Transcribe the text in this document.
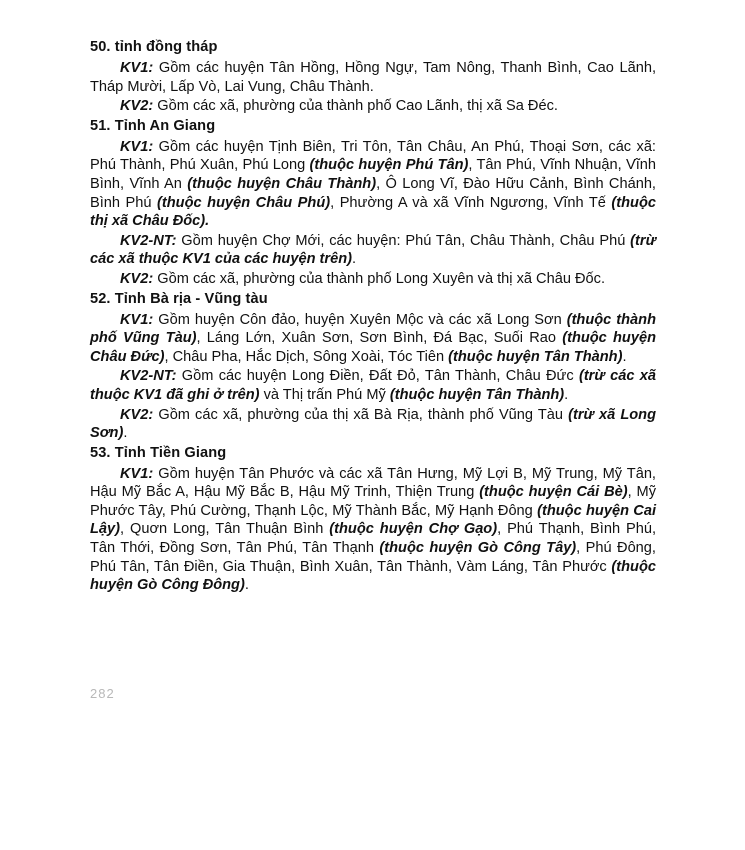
50. tỉnh đồng tháp
KV1: Gồm các huyện Tân Hồng, Hồng Ngự, Tam Nông, Thanh Bình, Cao Lãnh, Tháp Mười, Lấp Vò, Lai Vung, Châu Thành.
KV2: Gồm các xã, phường của thành phố Cao Lãnh, thị xã Sa Đéc.
51. Tỉnh An Giang
KV1: Gồm các huyện Tịnh Biên, Tri Tôn, Tân Châu, An Phú, Thoại Sơn, các xã: Phú Thành, Phú Xuân, Phú Long (thuộc huyện Phú Tân), Tân Phú, Vĩnh Nhuận, Vĩnh Bình, Vĩnh An (thuộc huyện Châu Thành), Ô Long Vĩ, Đào Hữu Cảnh, Bình Chánh, Bình Phú (thuộc huyện Châu Phú), Phường A và xã Vĩnh Ngương, Vĩnh Tế (thuộc thị xã Châu Đốc).
KV2-NT: Gồm huyện Chợ Mới, các huyện: Phú Tân, Châu Thành, Châu Phú (trừ các xã thuộc KV1 của các huyện trên).
KV2: Gồm các xã, phường của thành phố Long Xuyên và thị xã Châu Đốc.
52. Tỉnh Bà rịa - Vũng tàu
KV1: Gồm huyện Côn đảo, huyện Xuyên Mộc và các xã Long Sơn (thuộc thành phố Vũng Tàu), Láng Lớn, Xuân Sơn, Sơn Bình, Đá Bạc, Suối Rao (thuộc huyện Châu Đức), Châu Pha, Hắc Dịch, Sông Xoài, Tóc Tiên (thuộc huyện Tân Thành).
KV2-NT: Gồm các huyện Long Điền, Đất Đỏ, Tân Thành, Châu Đức (trừ các xã thuộc KV1 đã ghi ở trên) và Thị trấn Phú Mỹ (thuộc huyện Tân Thành).
KV2: Gồm các xã, phường của thị xã Bà Rịa, thành phố Vũng Tàu (trừ xã Long Sơn).
53. Tỉnh Tiền Giang
KV1: Gồm huyện Tân Phước và các xã Tân Hưng, Mỹ Lợi B, Mỹ Trung, Mỹ Tân, Hậu Mỹ Bắc A, Hậu Mỹ Bắc B, Hậu Mỹ Trinh, Thiện Trung (thuộc huyện Cái Bè), Mỹ Phước Tây, Phú Cường, Thạnh Lộc, Mỹ Thành Bắc, Mỹ Hạnh Đông (thuộc huyện Cai Lậy), Quơn Long, Tân Thuận Bình (thuộc huyện Chợ Gạo), Phú Thạnh, Bình Phú, Tân Thới, Đồng Sơn, Tân Phú, Tân Thạnh (thuộc huyện Gò Công Tây), Phú Đông, Phú Tân, Tân Điền, Gia Thuận, Bình Xuân, Tân Thành, Vàm Láng, Tân Phước (thuộc huyện Gò Công Đông).
282
